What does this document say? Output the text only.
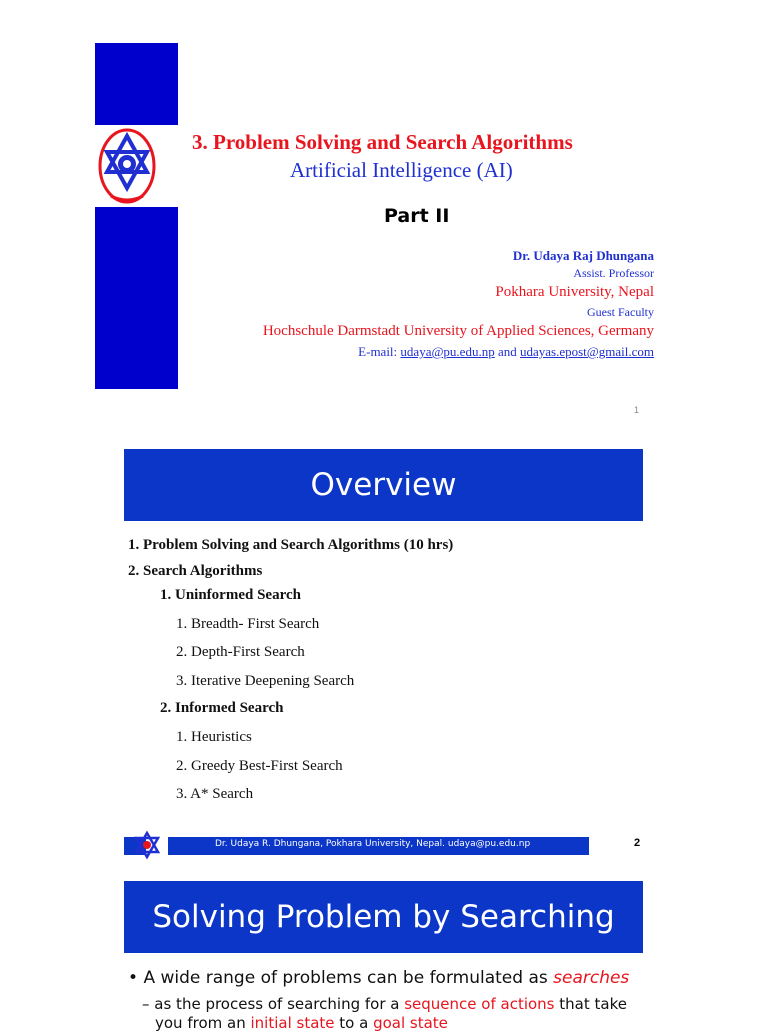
3. Problem Solving and Search Algorithms
Artificial Intelligence (AI)
Part II
Dr. Udaya Raj Dhungana
Assist. Professor
Pokhara University, Nepal
Guest Faculty
Hochschule Darmstadt University of Applied Sciences, Germany
E-mail: udaya@pu.edu.np and udayas.epost@gmail.com
1
Overview
1. Problem Solving and Search Algorithms (10 hrs)
2. Search Algorithms
1. Uninformed Search
1. Breadth- First Search
2. Depth-First Search
3. Iterative Deepening Search
2. Informed Search
1. Heuristics
2. Greedy Best-First Search
3. A* Search
Dr. Udaya R. Dhungana, Pokhara University, Nepal. udaya@pu.edu.np	2
Solving Problem by Searching
• A wide range of problems can be formulated as searches
– as the process of searching for a sequence of actions that take
you from an initial state to a goal state
